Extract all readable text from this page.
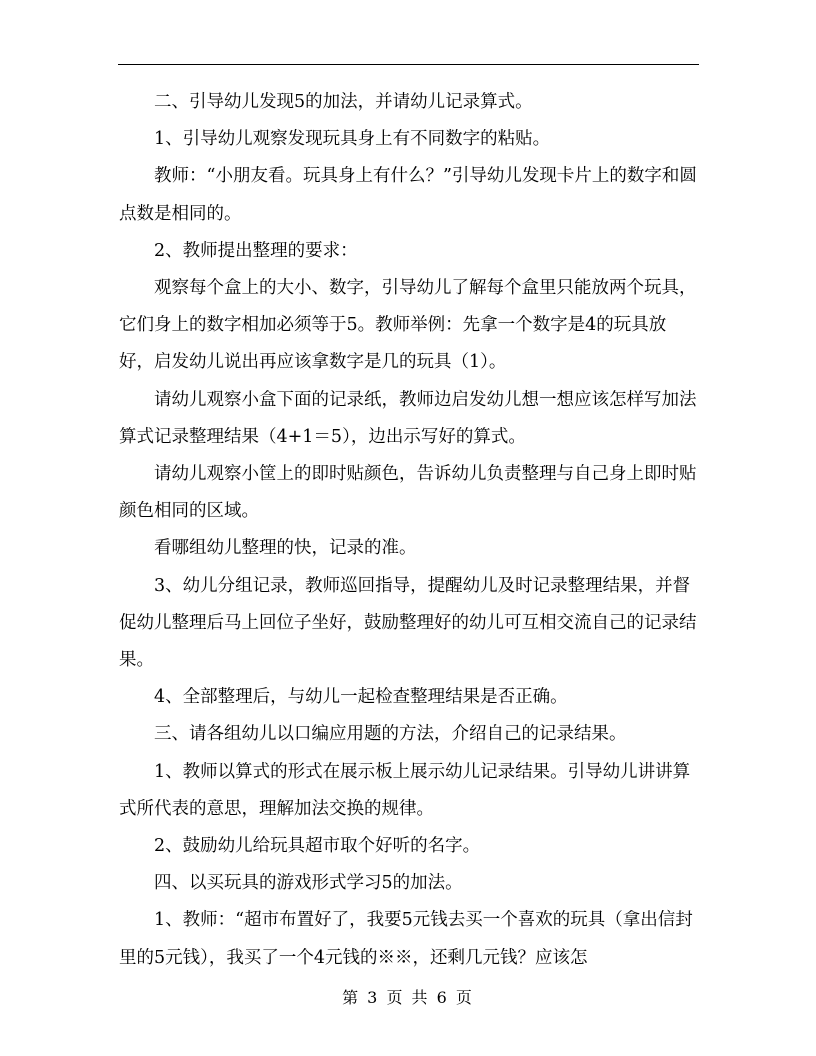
二、引导幼儿发现5的加法，并请幼儿记录算式。

1、引导幼儿观察发现玩具身上有不同数字的粘贴。

教师：“小朋友看。玩具身上有什么？”引导幼儿发现卡片上的数字和圆点数是相同的。

2、教师提出整理的要求：

观察每个盒上的大小、数字，引导幼儿了解每个盒里只能放两个玩具，它们身上的数字相加必须等于5。教师举例：先拿一个数字是4的玩具放好，启发幼儿说出再应该拿数字是几的玩具（1）。

请幼儿观察小盒下面的记录纸，教师边启发幼儿想一想应该怎样写加法算式记录整理结果（4+1＝5），边出示写好的算式。

请幼儿观察小筐上的即时贴颜色，告诉幼儿负责整理与自己身上即时贴颜色相同的区域。

看哪组幼儿整理的快，记录的准。

3、幼儿分组记录，教师巡回指导，提醒幼儿及时记录整理结果，并督促幼儿整理后马上回位子坐好，鼓励整理好的幼儿可互相交流自己的记录结果。

4、全部整理后，与幼儿一起检查整理结果是否正确。

三、请各组幼儿以口编应用题的方法，介绍自己的记录结果。

1、教师以算式的形式在展示板上展示幼儿记录结果。引导幼儿讲讲算式所代表的意思，理解加法交换的规律。

2、鼓励幼儿给玩具超市取个好听的名字。

四、以买玩具的游戏形式学习5的加法。

1、教师：“超市布置好了，我要5元钱去买一个喜欢的玩具（拿出信封里的5元钱），我买了一个4元钱的※※，还剩几元钱？应该怎

第 3 页 共 6 页
